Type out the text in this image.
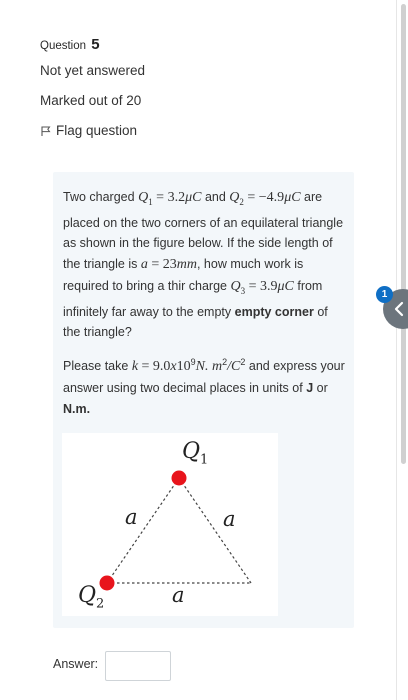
Question 5
Not yet answered
Marked out of 20
Flag question

Two charged $Q_1 = 3.2\mu C$ and $Q_2 = -4.9\mu C$ are placed on the two corners of an equilateral triangle as shown in the figure below. If the side length of the triangle is a = 23mm, how much work is required to bring a thir charge $Q_3 = 3.9\mu C$ from infinitely far away to the empty empty corner of the triangle?

Please take $k = 9.0x10^9N$. $m^2/C^2$ and express your answer using two decimal places in units of J or N.m.

$Q_1$
$Q_2$
a	a
a
Answer:
1
